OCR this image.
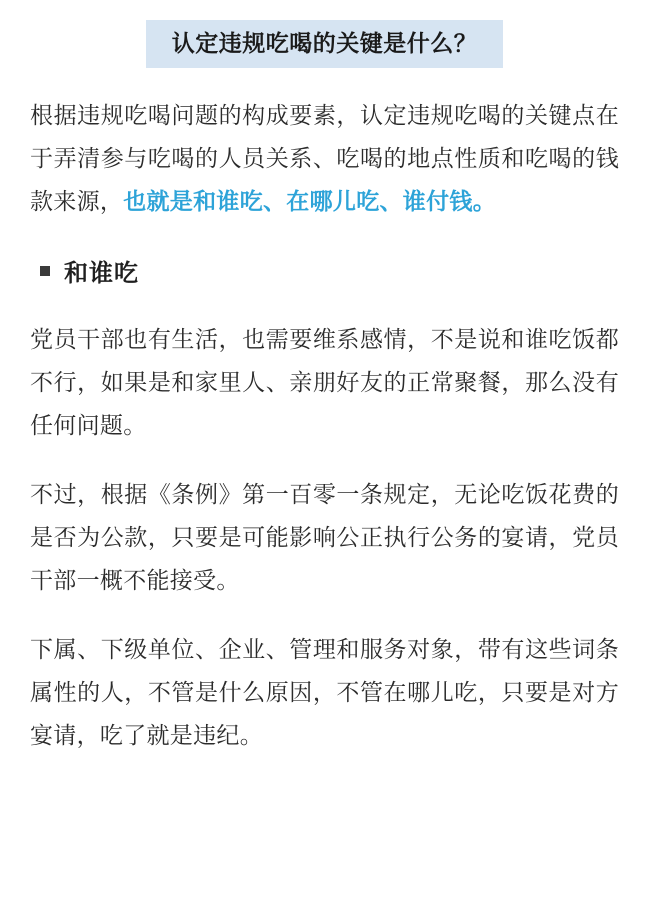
认定违规吃喝的关键是什么？

根据违规吃喝问题的构成要素，认定违规吃喝的关键点在于弄清参与吃喝的人员关系、吃喝的地点性质和吃喝的钱款来源，也就是和谁吃、在哪儿吃、谁付钱。

和谁吃

党员干部也有生活，也需要维系感情，不是说和谁吃饭都不行，如果是和家里人、亲朋好友的正常聚餐，那么没有任何问题。

不过，根据《条例》第一百零一条规定，无论吃饭花费的是否为公款，只要是可能影响公正执行公务的宴请，党员干部一概不能接受。

下属、下级单位、企业、管理和服务对象，带有这些词条属性的人，不管是什么原因，不管在哪儿吃，只要是对方宴请，吃了就是违纪。
